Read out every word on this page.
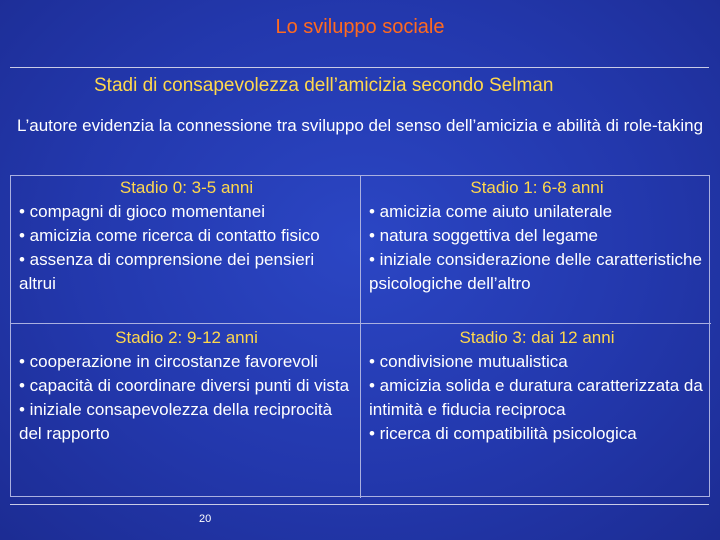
Lo sviluppo sociale
Stadi di consapevolezza dell’amicizia secondo Selman
L’autore evidenzia la connessione tra sviluppo del senso dell’amicizia e abilità di role-taking
Stadio 0: 3-5 anni
• compagni di gioco momentanei
• amicizia come ricerca di contatto fisico
• assenza di comprensione dei pensieri altrui
Stadio 1: 6-8 anni
• amicizia come aiuto unilaterale
• natura soggettiva del legame
• iniziale considerazione delle caratteristiche psicologiche dell’altro
Stadio 2: 9-12 anni
• cooperazione in circostanze favorevoli
• capacità di coordinare diversi punti di vista
• iniziale consapevolezza della reciprocità del rapporto
Stadio 3: dai 12 anni
• condivisione mutualistica
• amicizia solida e duratura caratterizzata da intimità e fiducia reciproca
• ricerca di compatibilità psicologica
20
